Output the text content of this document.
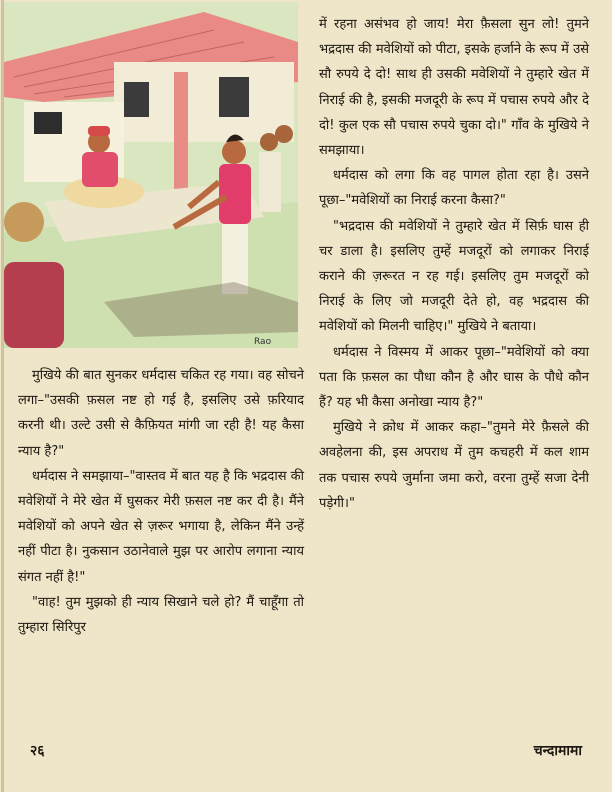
Rao

मुखिये की बात सुनकर धर्मदास चकित रह गया। वह सोचने लगा–"उसकी फ़सल नष्ट हो गई है, इसलिए उसे फ़रियाद करनी थी। उल्टे उसी से कैफ़ियत मांगी जा रही है! यह कैसा न्याय है?"

धर्मदास ने समझाया–"वास्तव में बात यह है कि भद्रदास की मवेशियों ने मेरे खेत में घुसकर मेरी फ़सल नष्ट कर दी है। मैंने मवेशियों को अपने खेत से ज़रूर भगाया है, लेकिन मैंने उन्हें नहीं पीटा है। नुकसान उठानेवाले मुझ पर आरोप लगाना न्याय संगत नहीं है!"

"वाह! तुम मुझको ही न्याय सिखाने चले हो? मैं चाहूँगा तो तुम्हारा सिरिपुर

में रहना असंभव हो जाय! मेरा फ़ैसला सुन लो! तुमने भद्रदास की मवेशियों को पीटा, इसके हर्जाने के रूप में उसे सौ रुपये दे दो! साथ ही उसकी मवेशियों ने तुम्हारे खेत में निराई की है, इसकी मजदूरी के रूप में पचास रुपये और दे दो! कुल एक सौ पचास रुपये चुका दो।" गाँव के मुखिये ने समझाया।

धर्मदास को लगा कि वह पागल होता रहा है। उसने पूछा–"मवेशियों का निराई करना कैसा?"

"भद्रदास की मवेशियों ने तुम्हारे खेत में सिर्फ़ घास ही चर डाला है। इसलिए तुम्हें मजदूरों को लगाकर निराई कराने की ज़रूरत न रह गई। इसलिए तुम मजदूरों को निराई के लिए जो मजदूरी देते हो, वह भद्रदास की मवेशियों को मिलनी चाहिए।" मुखिये ने बताया।

धर्मदास ने विस्मय में आकर पूछा–"मवेशियों को क्या पता कि फ़सल का पौधा कौन है और घास के पौधे कौन हैं? यह भी कैसा अनोखा न्याय है?"

मुखिये ने क्रोध में आकर कहा–"तुमने मेरे फ़ैसले की अवहेलना की, इस अपराध में तुम कचहरी में कल शाम तक पचास रुपये जुर्माना जमा करो, वरना तुम्हें सजा देनी पड़ेगी।"

२६	चन्दामामा
